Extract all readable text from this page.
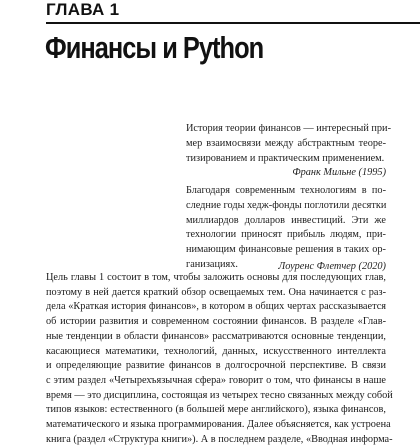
ГЛАВА 1
Финансы и Python
История теории финансов — интересный при-
мер взаимосвязи между абстрактным теоре-
тизированием и практическим применением.
Франк Мильне (1995)
Благодаря современным технологиям в по-
следние годы хедж-фонды поглотили десятки
миллиардов долларов инвестиций. Эти же
технологии приносят прибыль людям, при-
нимающим финансовые решения в таких ор-
ганизациях.	Лоуренс Флетчер (2020)
Цель главы 1 состоит в том, чтобы заложить основы для последующих глав,
поэтому в ней дается краткий обзор освещаемых тем. Она начинается с раз-
дела «Краткая история финансов», в котором в общих чертах рассказывается
об истории развития и современном состоянии финансов. В разделе «Глав-
ные тенденции в области финансов» рассматриваются основные тенденции,
касающиеся математики, технологий, данных, искусственного интеллекта
и определяющие развитие финансов в долгосрочной перспективе. В связи
с этим раздел «Четырехъязычная сфера» говорит о том, что финансы в наше
время — это дисциплина, состоящая из четырех тесно связанных между собой
типов языков: естественного (в большей мере английского), языка финансов,
математического и языка программирования. Далее объясняется, как устроена
книга (раздел «Структура книги»). А в последнем разделе, «Вводная информа-
